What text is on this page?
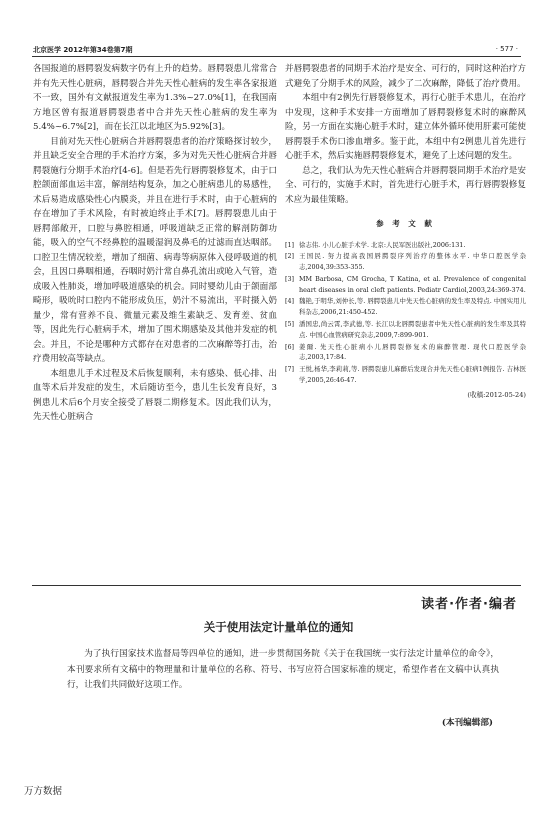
北京医学 2012年第34卷第7期	· 577 ·

各国报道的唇腭裂发病数字仍有上升的趋势。唇腭裂患儿常常合并有先天性心脏病，唇腭裂合并先天性心脏病的发生率各家报道不一致，国外有文献报道发生率为1.3%~27.0%[1]，在我国南方地区曾有报道唇腭裂患者中合并先天性心脏病的发生率为5.4%~6.7%[2]，而在长江以北地区为5.92%[3]。

目前对先天性心脏病合并唇腭裂患者的治疗策略探讨较少，并且缺乏安全合理的手术治疗方案，多为对先天性心脏病合并唇腭裂施行分期手术治疗[4-6]。但是若先行唇腭裂修复术，由于口腔颌面部血运丰富，解剖结构复杂，加之心脏病患儿的易感性，术后易造成感染性心内膜炎，并且在进行手术时，由于心脏病的存在增加了手术风险，有时被迫终止手术[7]。唇腭裂患儿由于唇腭部敞开，口腔与鼻腔相通，呼吸道缺乏正常的解剖防御功能，吸入的空气不经鼻腔的温暖湿润及鼻毛的过滤而直达咽部。口腔卫生情况较差，增加了细菌、病毒等病原体入侵呼吸道的机会，且因口鼻咽相通，吞咽时奶汁常自鼻孔流出或呛入气管，造成吸入性肺炎，增加呼吸道感染的机会。同时婴幼儿由于颌面部畸形，吸吮时口腔内不能形成负压，奶汁不易流出，平时摄入奶量少，常有营养不良、微量元素及维生素缺乏、发育差、贫血等，因此先行心脏病手术，增加了围术期感染及其他并发症的机会。并且，不论是哪种方式都存在对患者的二次麻醉等打击，治疗费用较高等缺点。

本组患儿手术过程及术后恢复顺利，未有感染、低心排、出血等术后并发症的发生，术后随访至今，患儿生长发育良好，3例患儿术后6个月安全接受了唇裂二期修复术。因此我们认为，先天性心脏病合

并唇腭裂患者的同期手术治疗是安全、可行的，同时这种治疗方式避免了分期手术的风险，减少了二次麻醉，降低了治疗费用。

本组中有2例先行唇裂修复术，再行心脏手术患儿，在治疗中发现，这种手术安排一方面增加了唇腭裂修复术时的麻醉风险，另一方面在实施心脏手术时，建立体外循环使用肝素可能使唇腭裂手术伤口渗血增多。鉴于此，本组中有2例患儿首先进行心脏手术，然后实施唇腭裂修复术，避免了上述问题的发生。

总之，我们认为先天性心脏病合并唇腭裂同期手术治疗是安全、可行的，实施手术时，首先进行心脏手术，再行唇腭裂修复术应为最佳策略。

参 考 文 献
[1] 徐志伟. 小儿心脏手术学. 北京:人民军医出版社,2006:131.
[2] 王国民. 努力提高我国唇腭裂序列治疗的整体水平. 中华口腔医学杂志,2004,39:353-355.
[3] MM Barbosa, CM Grocha, T Katina, et al. Prevalence of congenital heart diseases in oral cleft patients. Pediatr Cardiol,2003,24:369-374.
[4] 魏艳,于明华,刘仲长,等. 唇腭裂患儿中先天性心脏病的发生率及特点. 中国实用儿科杂志,2006,21:450-452.
[5] 潘国忠,尚云霄,李武德,等. 长江以北唇腭裂患者中先天性心脏病的发生率及其特点. 中国心血管病研究杂志,2009,7:899-901.
[6] 姜爾. 先天性心脏病小儿唇腭裂修复术的麻醉管理. 现代口腔医学杂志,2003,17:84.
[7] 王悦,杨华,李莉莉,等. 唇腭裂患儿麻醉后发现合并先天性心脏病1例报告. 吉林医学,2005,26:46-47.
(收稿:2012-05-24)
读者·作者·编者
关于使用法定计量单位的通知

为了执行国家技术监督局等四单位的通知，进一步贯彻国务院《关于在我国统一实行法定计量单位的命令》，本刊要求所有文稿中的物理量和计量单位的名称、符号、书写应符合国家标准的规定，希望作者在文稿中认真执行，让我们共同做好这项工作。

(本刊编辑部)
万方数据
